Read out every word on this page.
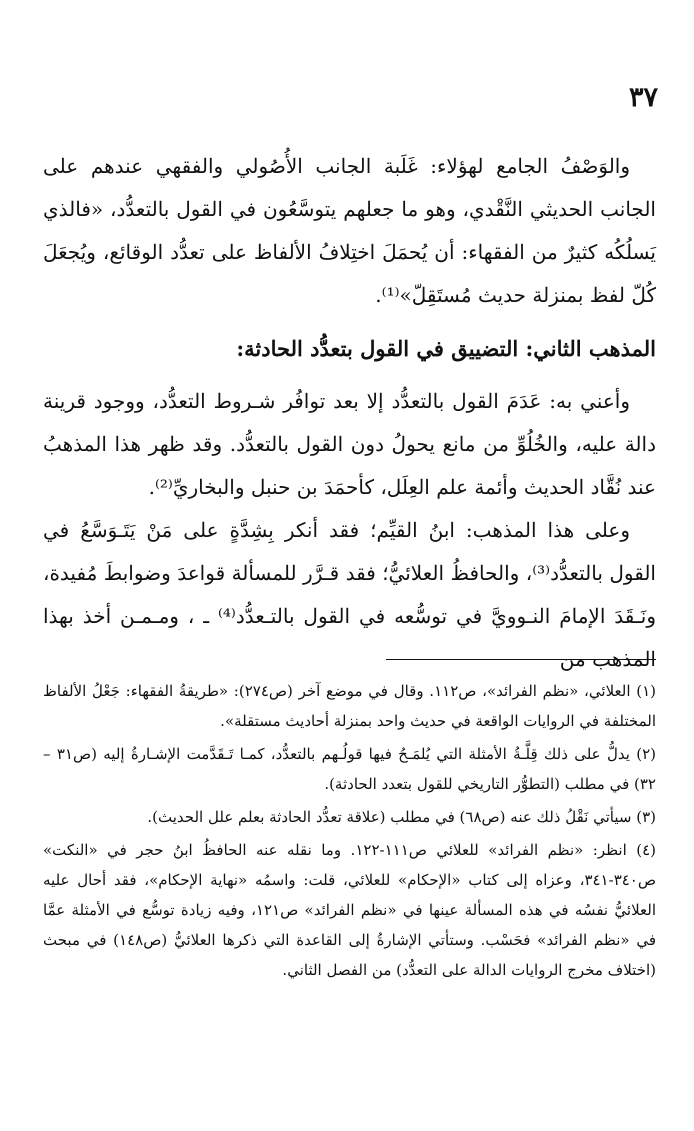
٣٧

والوَصْفُ الجامع لهؤلاء: غَلَبة الجانب الأُصُولي والفقهي عندهم على الجانب الحديثي النَّقْدي، وهو ما جعلهم يتوسَّعُون في القول بالتعدُّد، «فالذي يَسلُكُه كثيرٌ من الفقهاء: أن يُحمَلَ اختِلافُ الألفاظ على تعدُّد الوقائع، ويُجعَلَ كُلّ لفظ بمنزلة حديث مُستَقِلّ»⁽¹⁾.

المذهب الثاني: التضييق في القول بتعدُّد الحادثة:

وأعني به: عَدَمَ القول بالتعدُّد إلا بعد توافُر شـروط التعدُّد، ووجود قرينة دالة عليه، والخُلُوِّ من مانع يحولُ دون القول بالتعدُّد. وقد ظهر هذا المذهبُ عند نُقَّاد الحديث وأئمة علم العِلَل، كأحمَدَ بن حنبل والبخاريِّ⁽²⁾.

وعلى هذا المذهب: ابنُ القيِّم؛ فقد أنكر بِشِدَّةٍ على مَنْ يَتَـوَسَّعُ في القول بالتعدُّد⁽³⁾، والحافظُ العلائيُّ؛ فقد قـرَّر للمسألة قواعدَ وضوابطَ مُفيدة، ونَـقَدَ الإمامَ النـوويَّ في توسُّعه في القول بالتـعدُّد⁽⁴⁾ ـ ، ومـمـن أخذ بهذا المذهب من

(١) العلائي، «نظم الفرائد»، ص١١٢. وقال في موضع آخر (ص٢٧٤): «طريقةُ الفقهاء: جَعْلُ الألفاظ المختلفة في الروايات الواقعة في حديث واحد بمنزلة أحاديث مستقلة».

(٢) يدلُّ على ذلك قِلَّـةُ الأمثلة التي يُلمَـحُ فيها قولُـهم بالتعدُّد، كمـا تَـقَدَّمت الإشـارةُ إليه (ص٣١ – ٣٢) في مطلب (التطوُّر التاريخي للقول بتعدد الحادثة).

(٣) سيأتي نَقْلُ ذلك عنه (ص٦٨) في مطلب (علاقة تعدُّد الحادثة بعلم علل الحديث).

(٤) انظر: «نظم الفرائد» للعلائي ص١١١-١٢٢. وما نقله عنه الحافظُ ابنُ حجر في «النكت» ص٣٤٠-٣٤١، وعزاه إلى كتاب «الإحكام» للعلائي، قلت: واسمُه «نهاية الإحكام»، فقد أحال عليه العلائيُّ نفسُه في هذه المسألة عينها في «نظم الفرائد» ص١٢١، وفيه زيادة توسُّع في الأمثلة عمَّا في «نظم الفرائد» فحَسْب. وستأتي الإشارةُ إلى القاعدة التي ذكرها العلائيُّ (ص١٤٨) في مبحث (اختلاف مخرج الروايات الدالة على التعدُّد) من الفصل الثاني.
